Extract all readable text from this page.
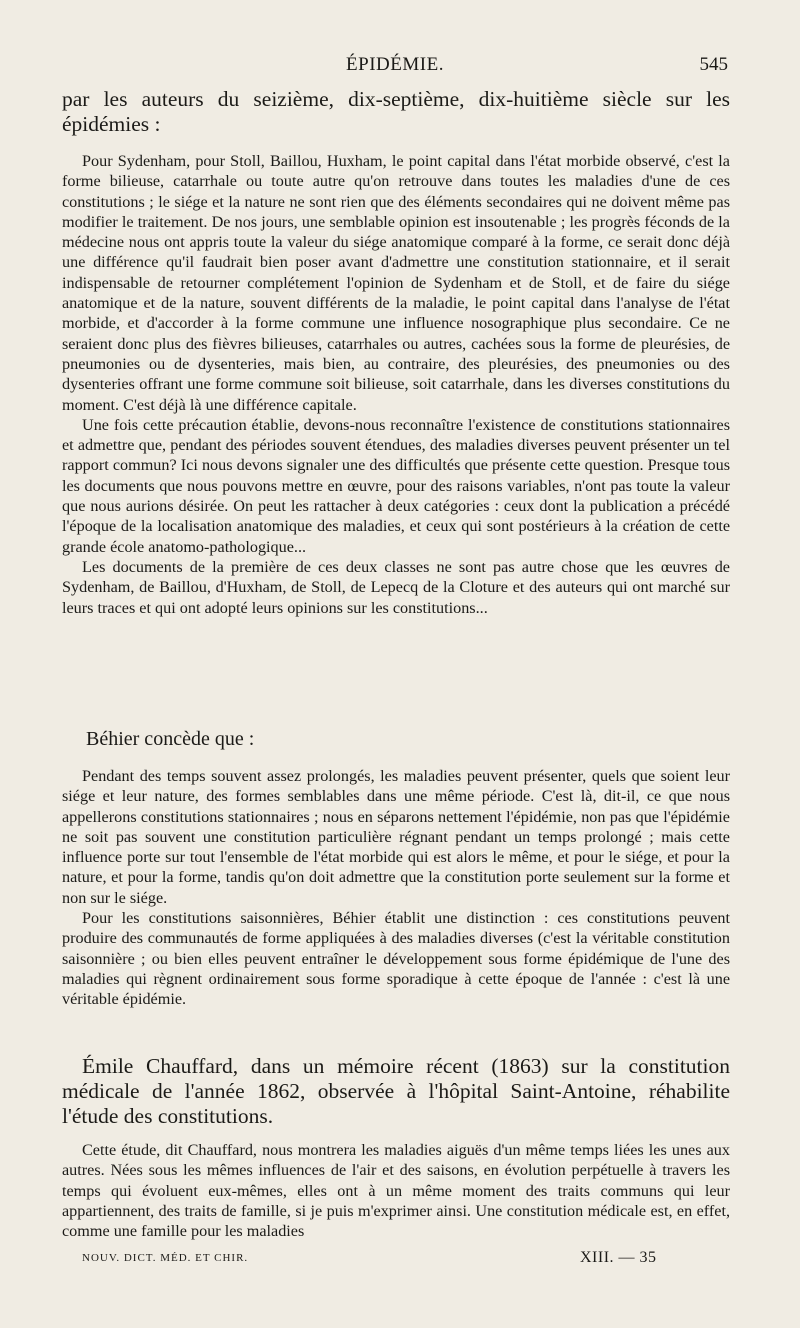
ÉPIDÉMIE.	545
par les auteurs du seizième, dix-septième, dix-huitième siècle sur les épidémies :

Pour Sydenham, pour Stoll, Baillou, Huxham, le point capital dans l'état morbide observé, c'est la forme bilieuse, catarrhale ou toute autre qu'on retrouve dans toutes les maladies d'une de ces constitutions ; le siége et la nature ne sont rien que des éléments secondaires qui ne doivent même pas modifier le traitement. De nos jours, une semblable opinion est insoutenable ; les progrès féconds de la médecine nous ont appris toute la valeur du siége anatomique comparé à la forme, ce serait donc déjà une différence qu'il faudrait bien poser avant d'admettre une constitution stationnaire, et il serait indispensable de retourner complétement l'opinion de Sydenham et de Stoll, et de faire du siége anatomique et de la nature, souvent différents de la maladie, le point capital dans l'analyse de l'état morbide, et d'accorder à la forme commune une influence nosographique plus secondaire. Ce ne seraient donc plus des fièvres bilieuses, catarrhales ou autres, cachées sous la forme de pleurésies, de pneumonies ou de dysenteries, mais bien, au contraire, des pleurésies, des pneumonies ou des dysenteries offrant une forme commune soit bilieuse, soit catarrhale, dans les diverses constitutions du moment. C'est déjà là une différence capitale.

Une fois cette précaution établie, devons-nous reconnaître l'existence de constitutions stationnaires et admettre que, pendant des périodes souvent étendues, des maladies diverses peuvent présenter un tel rapport commun? Ici nous devons signaler une des difficultés que présente cette question. Presque tous les documents que nous pouvons mettre en œuvre, pour des raisons variables, n'ont pas toute la valeur que nous aurions désirée. On peut les rattacher à deux catégories : ceux dont la publication a précédé l'époque de la localisation anatomique des maladies, et ceux qui sont postérieurs à la création de cette grande école anatomo-pathologique...

Les documents de la première de ces deux classes ne sont pas autre chose que les œuvres de Sydenham, de Baillou, d'Huxham, de Stoll, de Lepecq de la Cloture et des auteurs qui ont marché sur leurs traces et qui ont adopté leurs opinions sur les constitutions...

Béhier concède que :

Pendant des temps souvent assez prolongés, les maladies peuvent présenter, quels que soient leur siége et leur nature, des formes semblables dans une même période. C'est là, dit-il, ce que nous appellerons constitutions stationnaires ; nous en séparons nettement l'épidémie, non pas que l'épidémie ne soit pas souvent une constitution particulière régnant pendant un temps prolongé ; mais cette influence porte sur tout l'ensemble de l'état morbide qui est alors le même, et pour le siége, et pour la nature, et pour la forme, tandis qu'on doit admettre que la constitution porte seulement sur la forme et non sur le siége.

Pour les constitutions saisonnières, Béhier établit une distinction : ces constitutions peuvent produire des communautés de forme appliquées à des maladies diverses (c'est la véritable constitution saisonnière ; ou bien elles peuvent entraîner le développement sous forme épidémique de l'une des maladies qui règnent ordinairement sous forme sporadique à cette époque de l'année : c'est là une véritable épidémie.

Émile Chauffard, dans un mémoire récent (1863) sur la constitution médicale de l'année 1862, observée à l'hôpital Saint-Antoine, réhabilite l'étude des constitutions.

Cette étude, dit Chauffard, nous montrera les maladies aiguës d'un même temps liées les unes aux autres. Nées sous les mêmes influences de l'air et des saisons, en évolution perpétuelle à travers les temps qui évoluent eux-mêmes, elles ont à un même moment des traits communs qui leur appartiennent, des traits de famille, si je puis m'exprimer ainsi. Une constitution médicale est, en effet, comme une famille pour les maladies

NOUV. DICT. MÉD. ET CHIR.	XIII. — 35
